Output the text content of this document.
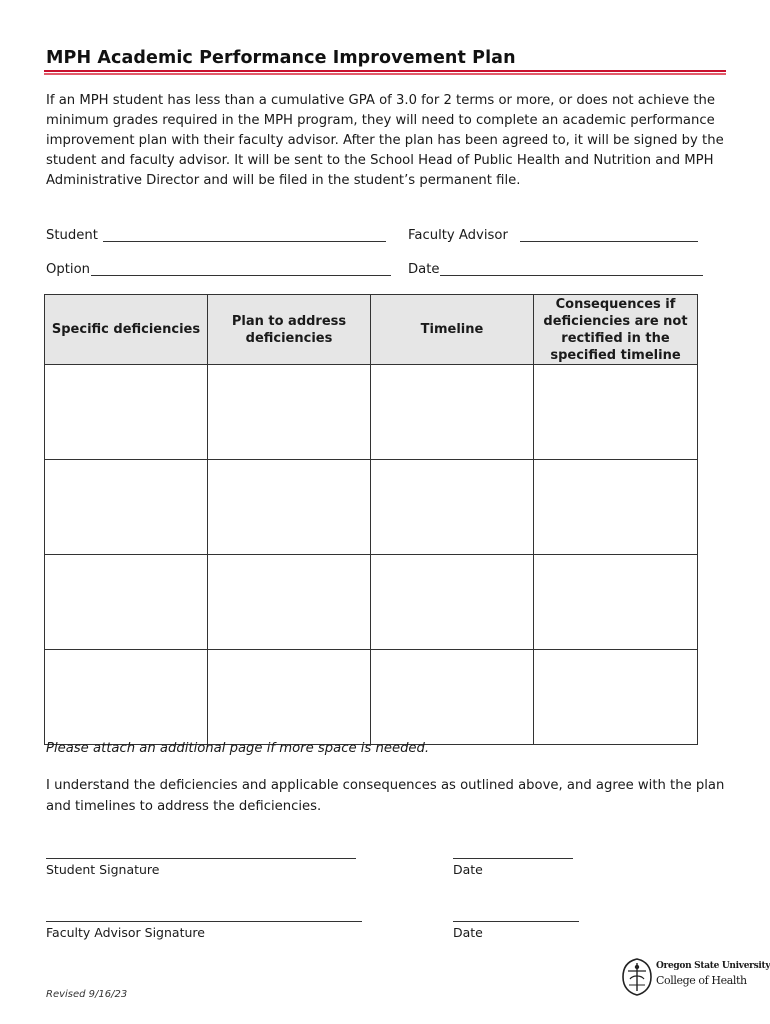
MPH Academic Performance Improvement Plan
If an MPH student has less than a cumulative GPA of 3.0 for 2 terms or more, or does not achieve the minimum grades required in the MPH program, they will need to complete an academic performance improvement plan with their faculty advisor. After the plan has been agreed to, it will be signed by the student and faculty advisor. It will be sent to the School Head of Public Health and Nutrition and MPH Administrative Director and will be filed in the student’s permanent file.
Student	Faculty Advisor
Option	Date
Specific deficiencies	Plan to address deficiencies	Timeline	Consequences if deficiencies are not rectified in the specified timeline

Please attach an additional page if more space is needed.
I understand the deficiencies and applicable consequences as outlined above, and agree with the plan and timelines to address the deficiencies.
Student Signature	Date
Faculty Advisor Signature	Date
Revised 9/16/23
Oregon State University
College of Health
